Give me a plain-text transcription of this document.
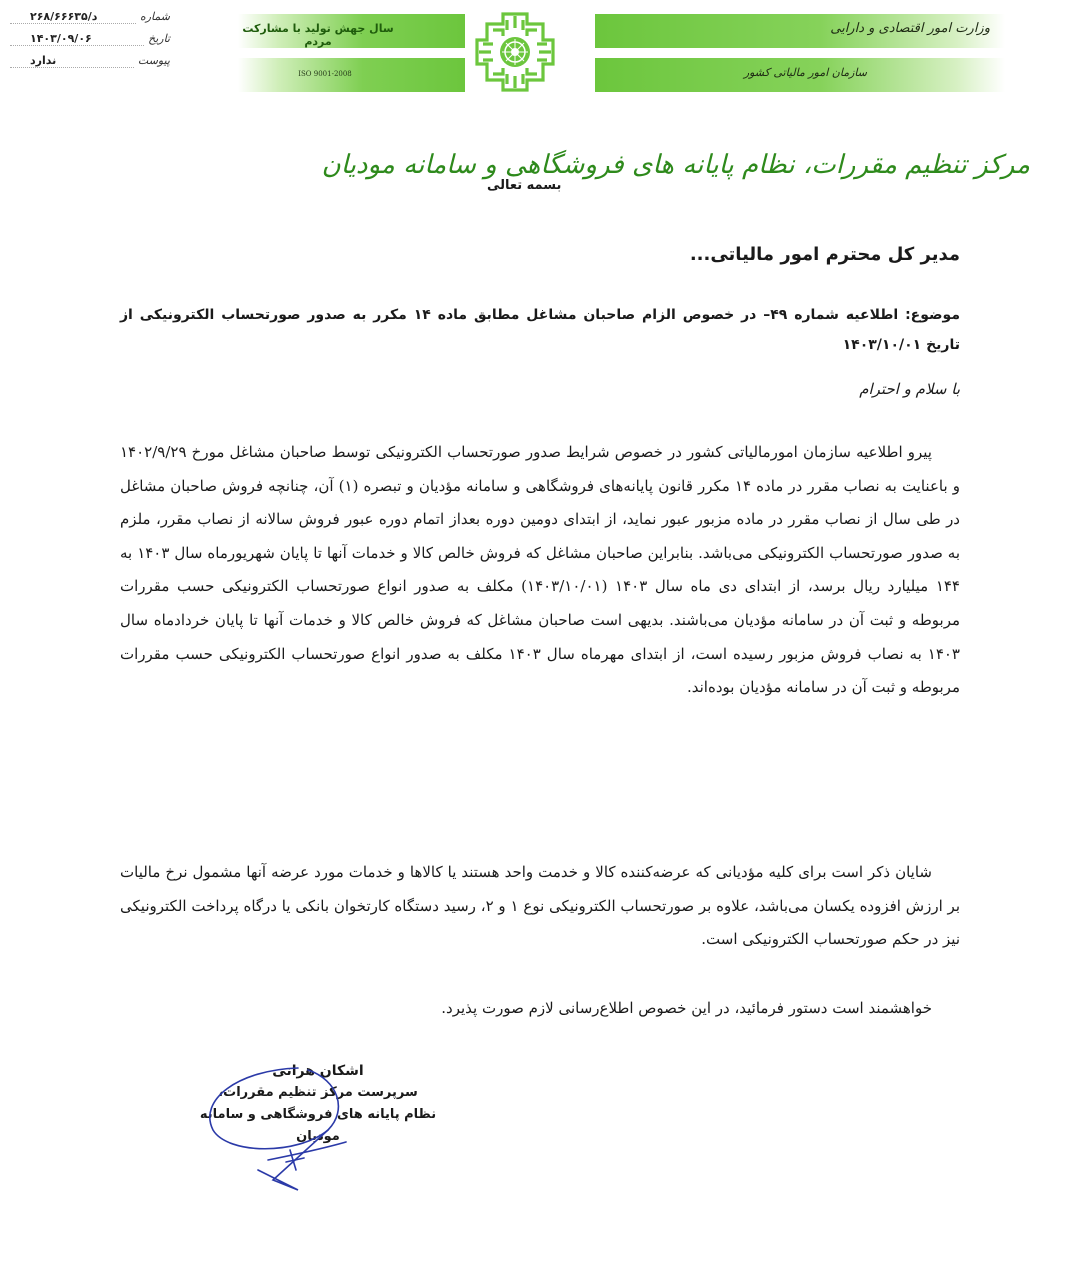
سال جهش تولید با مشارکت مردم
ISO 9001-2008
وزارت امور اقتصادی و دارایی
سازمان امور مالیاتی کشور
شماره
د/۲۶۸/۶۶۶۳۵
تاریخ
۱۴۰۳/۰۹/۰۶
پیوست
ندارد
مرکز تنظیم مقررات، نظام پایانه های فروشگاهی و سامانه مودیان
بسمه تعالی
مدیر کل محترم امور مالیاتی...
موضوع: اطلاعیه شماره ۴۹– در خصوص الزام صاحبان مشاغل مطابق ماده ۱۴ مکرر به صدور صورتحساب الکترونیکی از تاریخ ۱۴۰۳/۱۰/۰۱
با سلام و احترام
پیرو اطلاعیه سازمان امورمالیاتی کشور در خصوص شرایط صدور صورتحساب الکترونیکی توسط صاحبان مشاغل مورخ ۱۴۰۲/۹/۲۹ و باعنایت به نصاب مقرر در ماده ۱۴ مکرر قانون پایانه‌های فروشگاهی و سامانه مؤدیان و تبصره (۱) آن، چنانچه فروش صاحبان مشاغل در طی سال از نصاب مقرر در ماده مزبور عبور نماید، از ابتدای دومین دوره بعداز اتمام دوره عبور فروش سالانه از نصاب مقرر، ملزم به صدور صورتحساب الکترونیکی می‌باشد. بنابراین صاحبان مشاغل که فروش خالص کالا و خدمات آنها تا پایان شهریورماه سال ۱۴۰۳ به ۱۴۴ میلیارد ریال برسد، از ابتدای دی ماه سال ۱۴۰۳ (۱۴۰۳/۱۰/۰۱) مکلف به صدور انواع صورتحساب الکترونیکی حسب مقررات مربوطه و ثبت آن در سامانه مؤدیان می‌باشند. بدیهی است صاحبان مشاغل که فروش خالص کالا و خدمات آنها تا پایان خردادماه سال ۱۴۰۳ به نصاب فروش مزبور رسیده است، از ابتدای مهرماه سال ۱۴۰۳ مکلف به صدور انواع صورتحساب الکترونیکی حسب مقررات مربوطه و ثبت آن در سامانه مؤدیان بوده‌اند.
شایان ذکر است برای کلیه مؤدیانی که عرضه‌کننده کالا و خدمت واحد هستند یا کالاها و خدمات مورد عرضه آنها مشمول نرخ مالیات بر ارزش افزوده یکسان می‌باشد، علاوه بر صورتحساب الکترونیکی نوع ۱ و ۲، رسید دستگاه کارتخوان بانکی یا درگاه پرداخت الکترونیکی نیز در حکم صورتحساب الکترونیکی است.
خواهشمند است دستور فرمائید، در این خصوص اطلاع‌رسانی لازم صورت پذیرد.
اشکان هرانی
سرپرست مرکز تنظیم مقررات،
نظام پایانه های فروشگاهی و سامانه مودیان
